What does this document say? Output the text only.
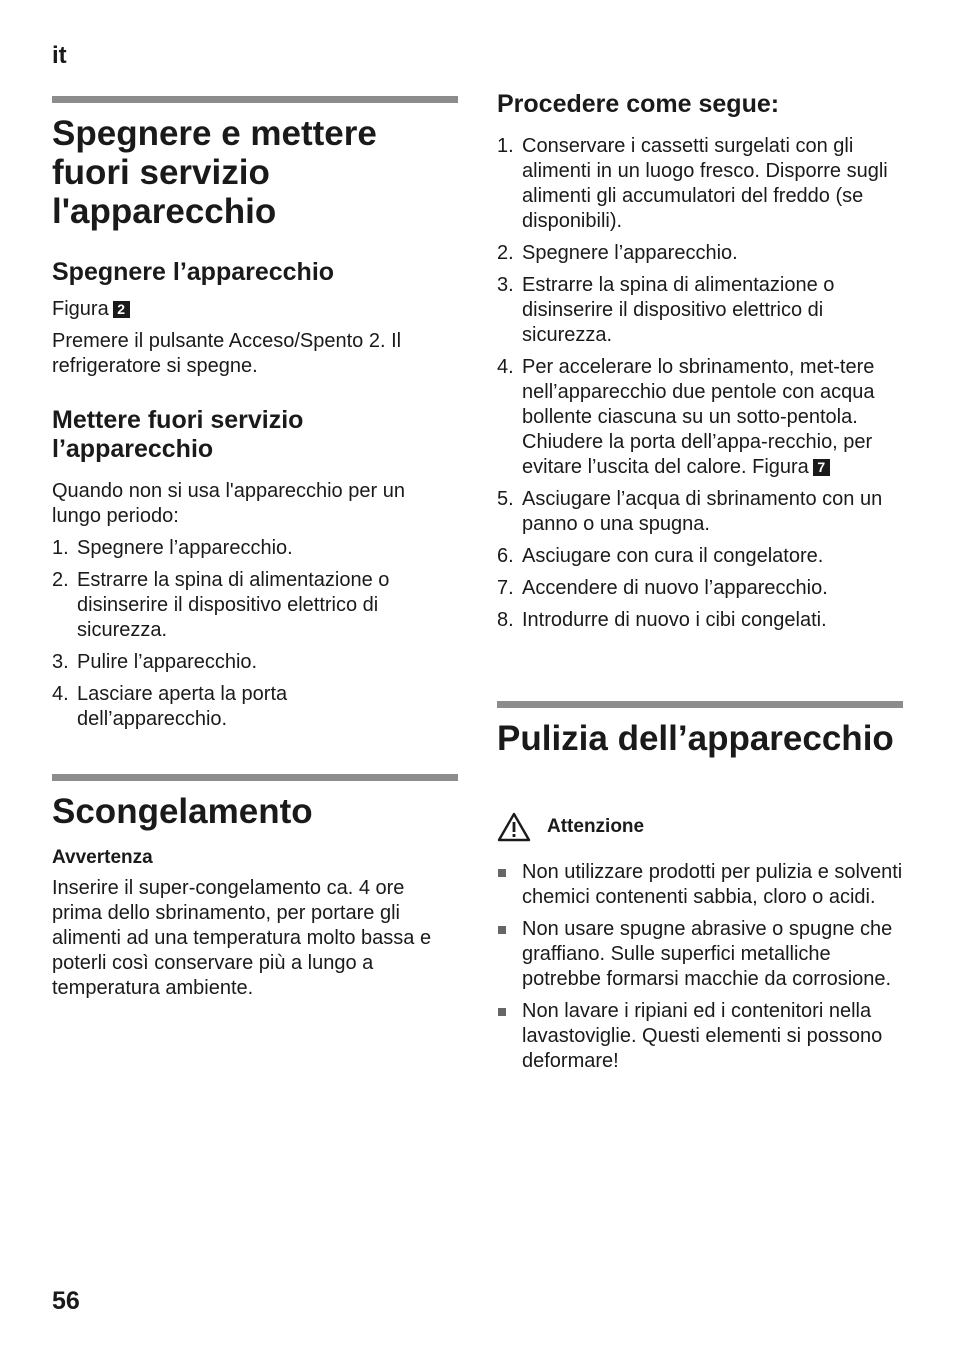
it
Spegnere e mettere fuori servizio l'apparecchio
Spegnere l’apparecchio
Figura 2

Premere il pulsante Acceso/Spento 2. Il refrigeratore si spegne.

Mettere fuori servizio l’apparecchio

Quando non si usa l'apparecchio per un lungo periodo:

1. Spegnere l’apparecchio.
2. Estrarre la spina di alimentazione o disinserire il dispositivo elettrico di sicurezza.
3. Pulire l’apparecchio.
4. Lasciare aperta la porta dell’apparecchio.
Scongelamento
Avvertenza

Inserire il super-congelamento ca. 4 ore prima dello sbrinamento, per portare gli alimenti ad una temperatura molto bassa e poterli così conservare più a lungo a temperatura ambiente.

Procedere come segue:
1. Conservare i cassetti surgelati con gli alimenti in un luogo fresco. Disporre sugli alimenti gli accumulatori del freddo (se disponibili).
2. Spegnere l’apparecchio.
3. Estrarre la spina di alimentazione o disinserire il dispositivo elettrico di sicurezza.
4. Per accelerare lo sbrinamento, met-tere nell’apparecchio due pentole con acqua bollente ciascuna su un sotto-pentola. Chiudere la porta dell’appa-recchio, per evitare l’uscita del calore. Figura 7
5. Asciugare l’acqua di sbrinamento con un panno o una spugna.
6. Asciugare con cura il congelatore.
7. Accendere di nuovo l’apparecchio.
8. Introdurre di nuovo i cibi congelati.
Pulizia dell’apparecchio
Attenzione
Non utilizzare prodotti per pulizia e solventi chemici contenenti sabbia, cloro o acidi.
Non usare spugne abrasive o spugne che graffiano. Sulle superfici metalliche potrebbe formarsi macchie da corrosione.
Non lavare i ripiani ed i contenitori nella lavastoviglie. Questi elementi si possono deformare!
56
